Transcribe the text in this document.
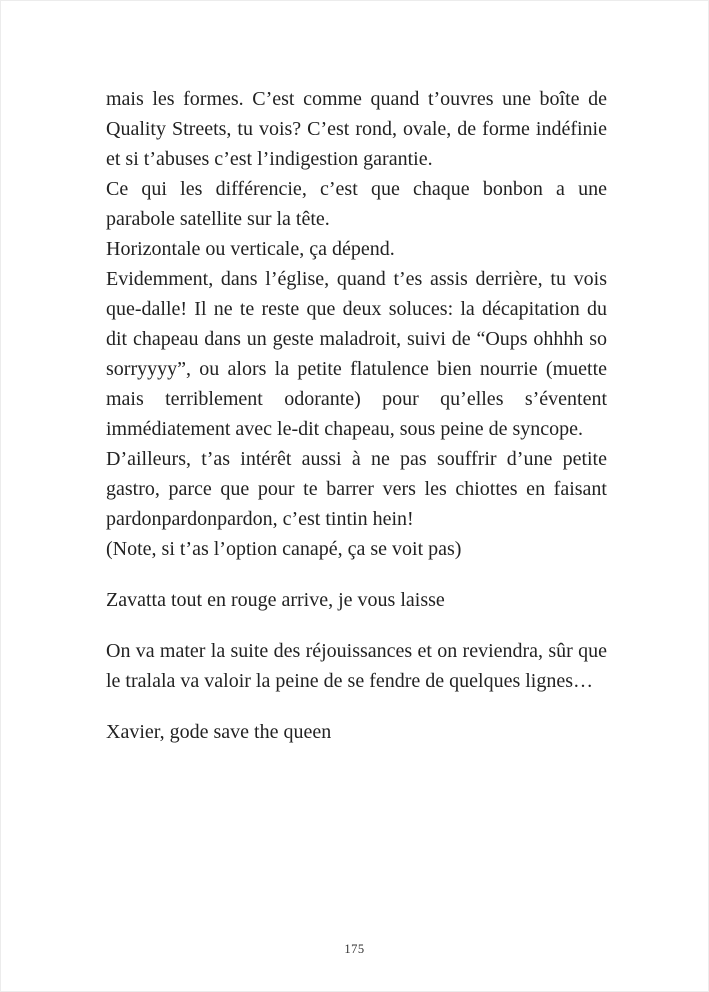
mais les formes. C’est comme quand t’ouvres une boîte de Quality Streets, tu vois? C’est rond, ovale, de forme indéfinie et si t’abuses c’est l’indigestion garantie.

Ce qui les différencie, c’est que chaque bonbon a une parabole satellite sur la tête.

Horizontale ou verticale, ça dépend.

Evidemment, dans l’église, quand t’es assis derrière, tu vois que-dalle! Il ne te reste que deux soluces: la décapitation du dit chapeau dans un geste maladroit, suivi de “Oups ohhhh so sorryyyy”, ou alors la petite flatulence bien nourrie (muette mais terriblement odorante) pour qu’elles s’éventent immédiatement avec le-dit chapeau, sous peine de syncope.

D’ailleurs, t’as intérêt aussi à ne pas souffrir d’une petite gastro, parce que pour te barrer vers les chiottes en faisant pardonpardonpardon, c’est tintin hein!

(Note, si t’as l’option canapé, ça se voit pas)

Zavatta tout en rouge arrive, je vous laisse

On va mater la suite des réjouissances et on reviendra, sûr que le tralala va valoir la peine de se fendre de quelques lignes…

Xavier, gode save the queen

175
